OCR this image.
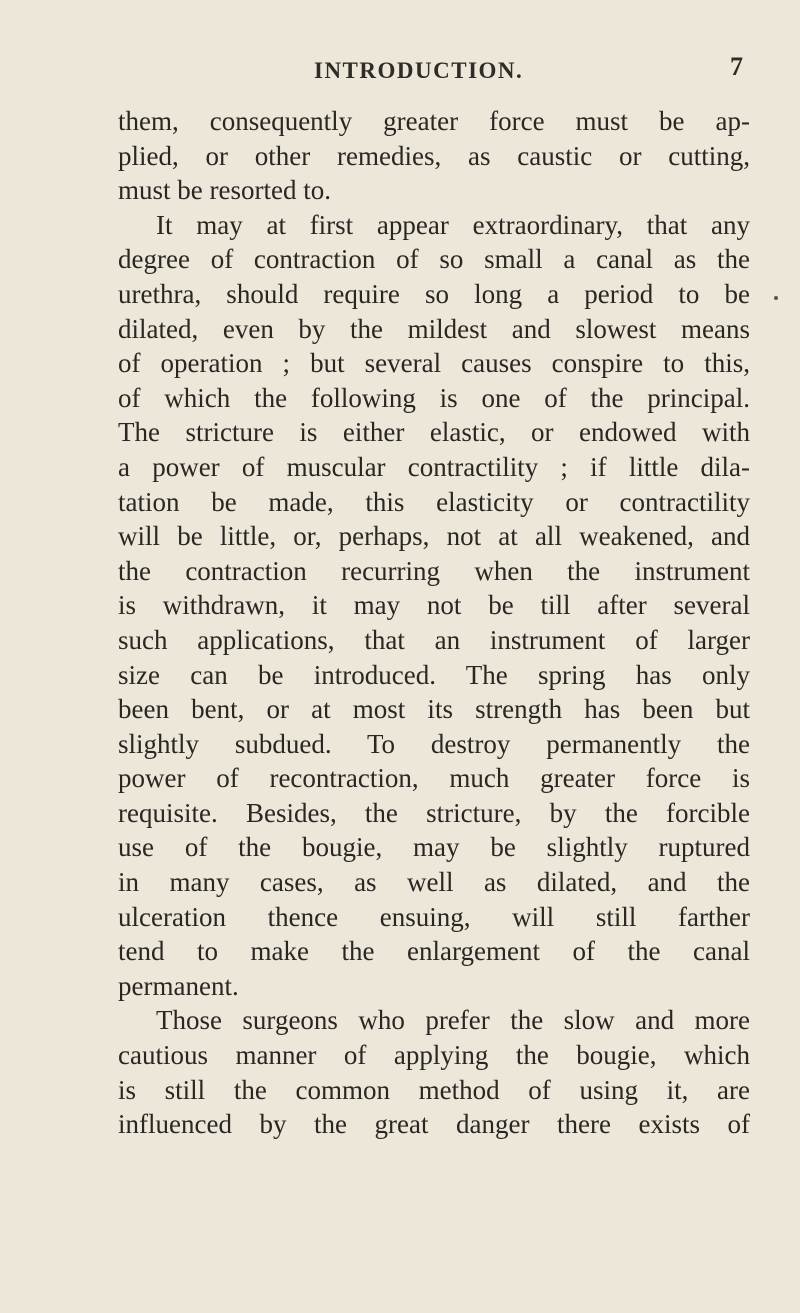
INTRODUCTION.	7
them, consequently greater force must be ap-
plied, or other remedies, as caustic or cutting,
must be resorted to.
It may at first appear extraordinary, that any
degree of contraction of so small a canal as the
urethra, should require so long a period to be
dilated, even by the mildest and slowest means
of operation ; but several causes conspire to this,
of which the following is one of the principal.
The stricture is either elastic, or endowed with
a power of muscular contractility ; if little dila-
tation be made, this elasticity or contractility
will be little, or, perhaps, not at all weakened, and
the contraction recurring when the instrument
is withdrawn, it may not be till after several
such applications, that an instrument of larger
size can be introduced. The spring has only
been bent, or at most its strength has been but
slightly subdued. To destroy permanently the
power of recontraction, much greater force is
requisite. Besides, the stricture, by the forcible
use of the bougie, may be slightly ruptured
in many cases, as well as dilated, and the
ulceration thence ensuing, will still farther
tend to make the enlargement of the canal
permanent.
Those surgeons who prefer the slow and more
cautious manner of applying the bougie, which
is still the common method of using it, are
influenced by the great danger there exists of
